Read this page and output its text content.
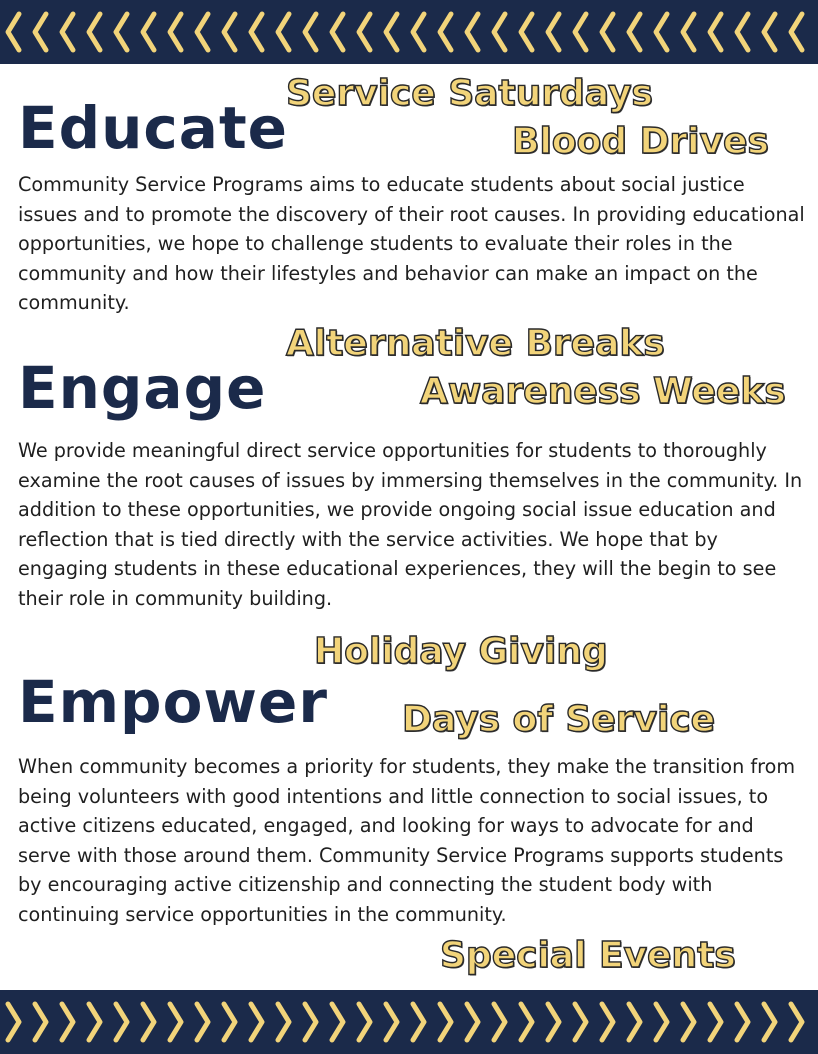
Educate

Community Service Programs aims to educate students about social justice issues and to promote the discovery of their root causes. In providing educational opportunities, we hope to challenge students to evaluate their roles in the community and how their lifestyles and behavior can make an impact on the community.

Engage

We provide meaningful direct service opportunities for students to thoroughly examine the root causes of issues by immersing themselves in the community. In addition to these opportunities, we provide ongoing social issue education and reflection that is tied directly with the service activities. We hope that by engaging students in these educational experiences, they will the begin to see their role in community building.

Empower

When community becomes a priority for students, they make the transition from being volunteers with good intentions and little connection to social issues, to active citizens educated, engaged, and looking for ways to advocate for and serve with those around them. Community Service Programs supports students by encouraging active citizenship and connecting the student body with continuing service opportunities in the community.

Service Saturdays
Blood Drives
Alternative Breaks
Awareness Weeks
Holiday Giving
Days of Service
Special Events
